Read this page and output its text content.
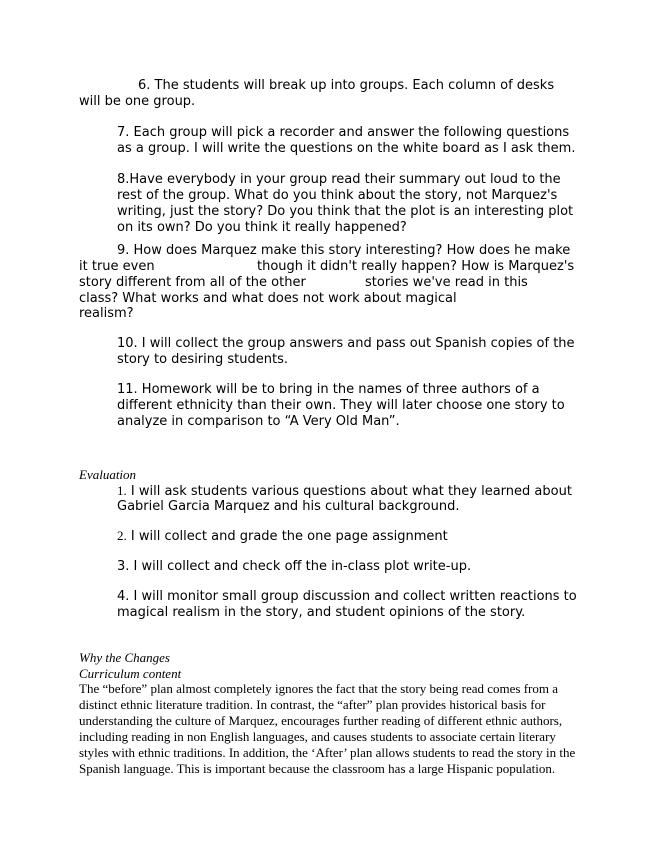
6. The students will break up into groups. Each column of desks

will be one group.

7. Each group will pick a recorder and answer the following questions

as a group. I will write the questions on the white board as I ask them.

8.Have everybody in your group read their summary out loud to the

rest of the group. What do you think about the story, not Marquez's

writing, just the story? Do you think that the plot is an interesting plot

on its own? Do you think it really happened?

9. How does Marquez make this story interesting? How does he make

it true even	though it didn't really happen? How is Marquez's

story different from all of the other	stories we've read in this

class? What works and what does not work about magical

realism?

10. I will collect the group answers and pass out Spanish copies of the

story to desiring students.

11. Homework will be to bring in the names of three authors of a

different ethnicity than their own. They will later choose one story to

analyze in comparison to “A Very Old Man”.

Evaluation

1. I will ask students various questions about what they learned about

Gabriel Garcia Marquez and his cultural background.

2. I will collect and grade the one page assignment

3. I will collect and check off the in-class plot write-up.

4. I will monitor small group discussion and collect written reactions to

magical realism in the story, and student opinions of the story.

Why the Changes

Curriculum content

The “before” plan almost completely ignores the fact that the story being read comes from a

distinct ethnic literature tradition. In contrast, the “after” plan provides historical basis for

understanding the culture of Marquez, encourages further reading of different ethnic authors,

including reading in non English languages, and causes students to associate certain literary

styles with ethnic traditions. In addition, the ‘After’ plan allows students to read the story in the

Spanish language. This is important because the classroom has a large Hispanic population.
